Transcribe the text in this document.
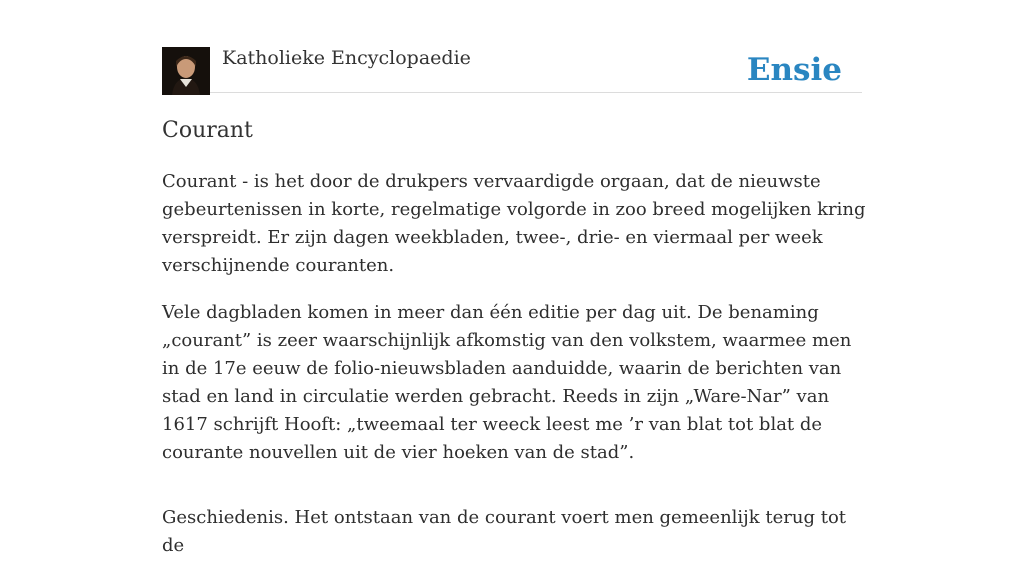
Katholieke Encyclopaedie	Ensie
Courant

Courant - is het door de drukpers vervaardigde orgaan, dat de nieuwste gebeurtenissen in korte, regelmatige volgorde in zoo breed mogelijken kring verspreidt. Er zijn dagen weekbladen, twee-, drie- en viermaal per week verschijnende couranten.

Vele dagbladen komen in meer dan één editie per dag uit. De benaming „courant” is zeer waarschijnlijk afkomstig van den volkstem, waarmee men in de 17e eeuw de folio-nieuwsbladen aanduidde, waarin de berichten van stad en land in circulatie werden gebracht. Reeds in zijn „Ware-Nar” van 1617 schrijft Hooft: „tweemaal ter weeck leest me ’r van blat tot blat de courante nouvellen uit de vier hoeken van de stad”.

Geschiedenis. Het ontstaan van de courant voert men gemeenlijk terug tot de
